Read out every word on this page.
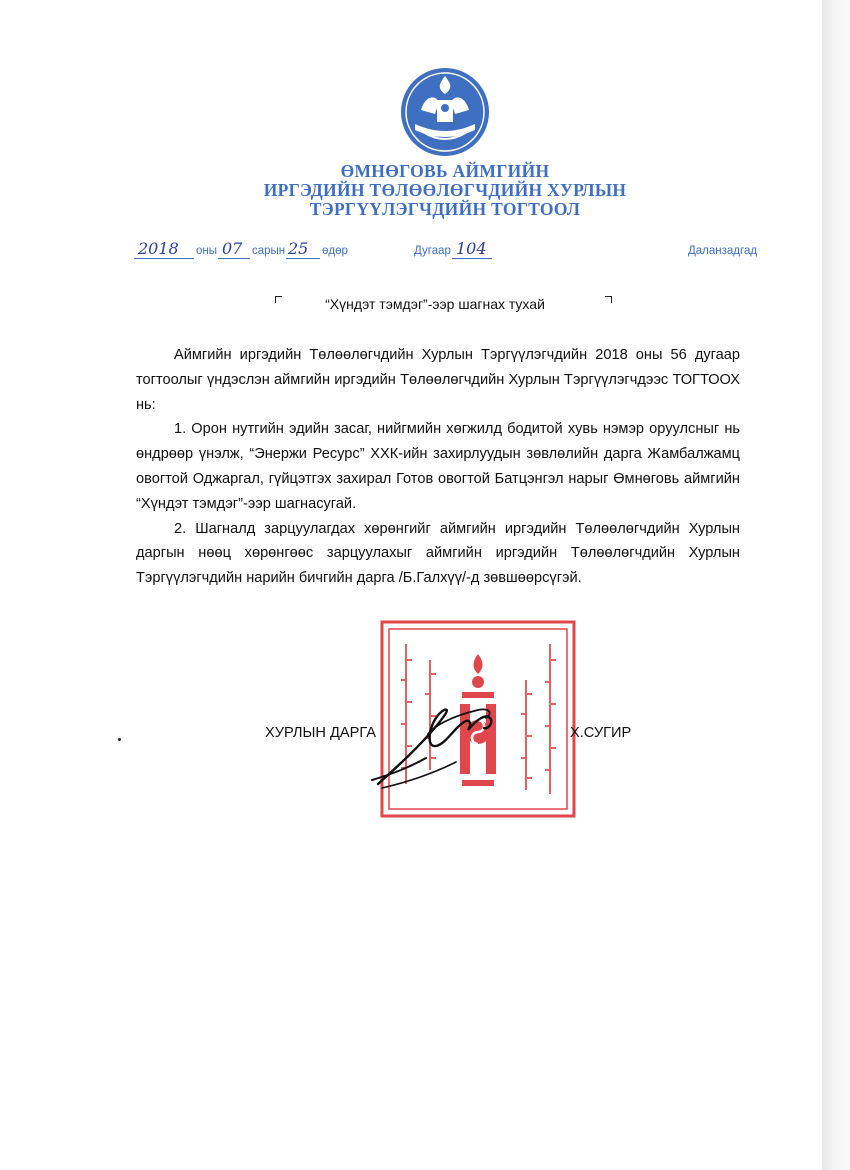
ӨМНӨГОВЬ АЙМГИЙН
ИРГЭДИЙН ТӨЛӨӨЛӨГЧДИЙН ХУРЛЫН
ТЭРГҮҮЛЭГЧДИЙН ТОГТООЛ
2018 оны 07 сарын 25 өдөр	Дугаар 104	Даланзадгад
“Хүндэт тэмдэг”-ээр шагнах тухай

Аймгийн иргэдийн Төлөөлөгчдийн Хурлын Тэргүүлэгчдийн 2018 оны 56 дугаар тогтоолыг үндэслэн аймгийн иргэдийн Төлөөлөгчдийн Хурлын Тэргүүлэгчдээс ТОГТООХ нь:

1. Орон нутгийн эдийн засаг, нийгмийн хөгжилд бодитой хувь нэмэр оруулсныг нь өндрөөр үнэлж, “Энержи Ресурс” ХХК-ийн захирлуудын зөвлөлийн дарга Жамбалжамц овогтой Оджаргал, гүйцэтгэх захирал Готов овогтой Батцэнгэл нарыг Өмнөговь аймгийн “Хүндэт тэмдэг”-ээр шагнасугай.

2. Шагналд зарцуулагдах хөрөнгийг аймгийн иргэдийн Төлөөлөгчдийн Хурлын даргын нөөц хөрөнгөөс зарцуулахыг аймгийн иргэдийн Төлөөлөгчдийн Хурлын Тэргүүлэгчдийн нарийн бичгийн дарга /Б.Галхүү/-д зөвшөөрсүгэй.

ХУРЛЫН ДАРГА	Х.СУГИР
